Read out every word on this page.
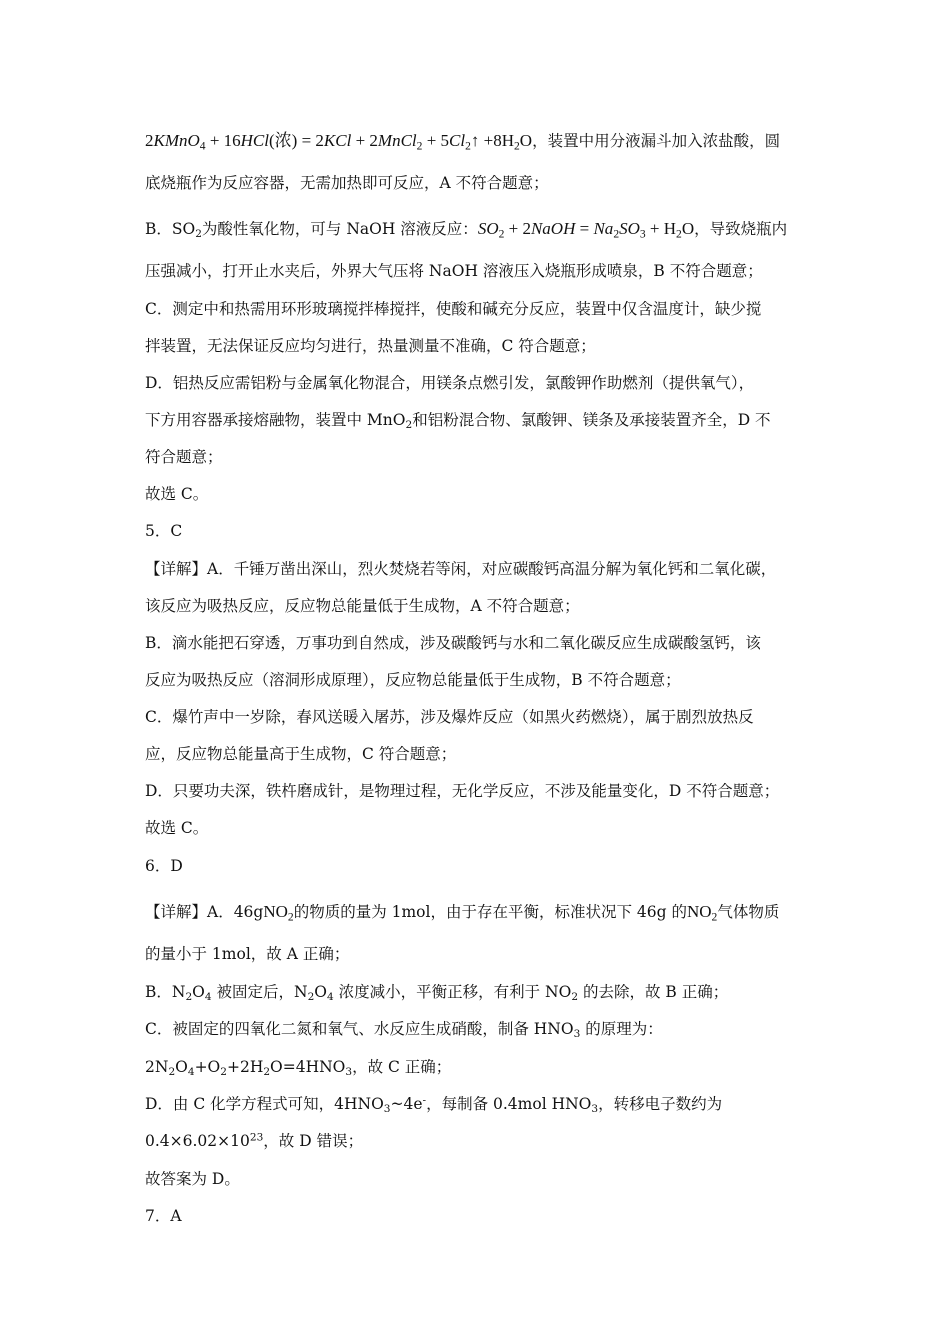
2KMnO$_4$ + 16HCl(浓) = 2KCl + 2MnCl$_2$ + $5Cl_2↑ +8H_2O$，装置中用分液漏斗加入浓盐酸，圆
底烧瓶作为反应容器，无需加热即可反应，A 不符合题意；
B．$SO_2$为酸性氧化物，可与 NaOH 溶液反应：$SO_2$ + 2NaOH = $Na_2SO_3 + H_2O$，导致烧瓶内
压强减小，打开止水夹后，外界大气压将 NaOH 溶液压入烧瓶形成喷泉，B 不符合题意；
C．测定中和热需用环形玻璃搅拌棒搅拌，使酸和碱充分反应，装置中仅含温度计，缺少搅
拌装置，无法保证反应均匀进行，热量测量不准确，C 符合题意；
D．铝热反应需铝粉与金属氧化物混合，用镁条点燃引发，氯酸钾作助燃剂（提供氧气），
下方用容器承接熔融物，装置中 MnO$_2$和铝粉混合物、氯酸钾、镁条及承接装置齐全，D 不
符合题意；
故选 C。
5．C
【详解】A．千锤万凿出深山，烈火焚烧若等闲，对应碳酸钙高温分解为氧化钙和二氧化碳，
该反应为吸热反应，反应物总能量低于生成物，A 不符合题意；
B．滴水能把石穿透，万事功到自然成，涉及碳酸钙与水和二氧化碳反应生成碳酸氢钙，该
反应为吸热反应（溶洞形成原理），反应物总能量低于生成物，B 不符合题意；
C．爆竹声中一岁除，春风送暖入屠苏，涉及爆炸反应（如黑火药燃烧），属于剧烈放热反
应，反应物总能量高于生成物，C 符合题意；
D．只要功夫深，铁杵磨成针，是物理过程，无化学反应，不涉及能量变化，D 不符合题意；
故选 C。
6．D
【详解】A．46gNO$_2$的物质的量为 1mol，由于存在平衡，标准状况下 46g 的$NO_2$气体物质
的量小于 1mol，故 A 正确；
B．$N_2O_4$ 被固定后，$N_2O_4$ 浓度减小，平衡正移，有利于 $NO_2$ 的去除，故 B 正确；
C．被固定的四氧化二氮和氧气、水反应生成硝酸，制备 $HNO_3$ 的原理为：
$2N_2O_4+O_2+2H_2O=4HNO_3$，故 C 正确；
D．由 C 化学方程式可知，$4HNO_3\sim 4e^-$，每制备 0.4mol $HNO_3$，转移电子数约为
$0.4\times 6.02\times 10^{23}$，故 D 错误；
故答案为 D。
7．A
